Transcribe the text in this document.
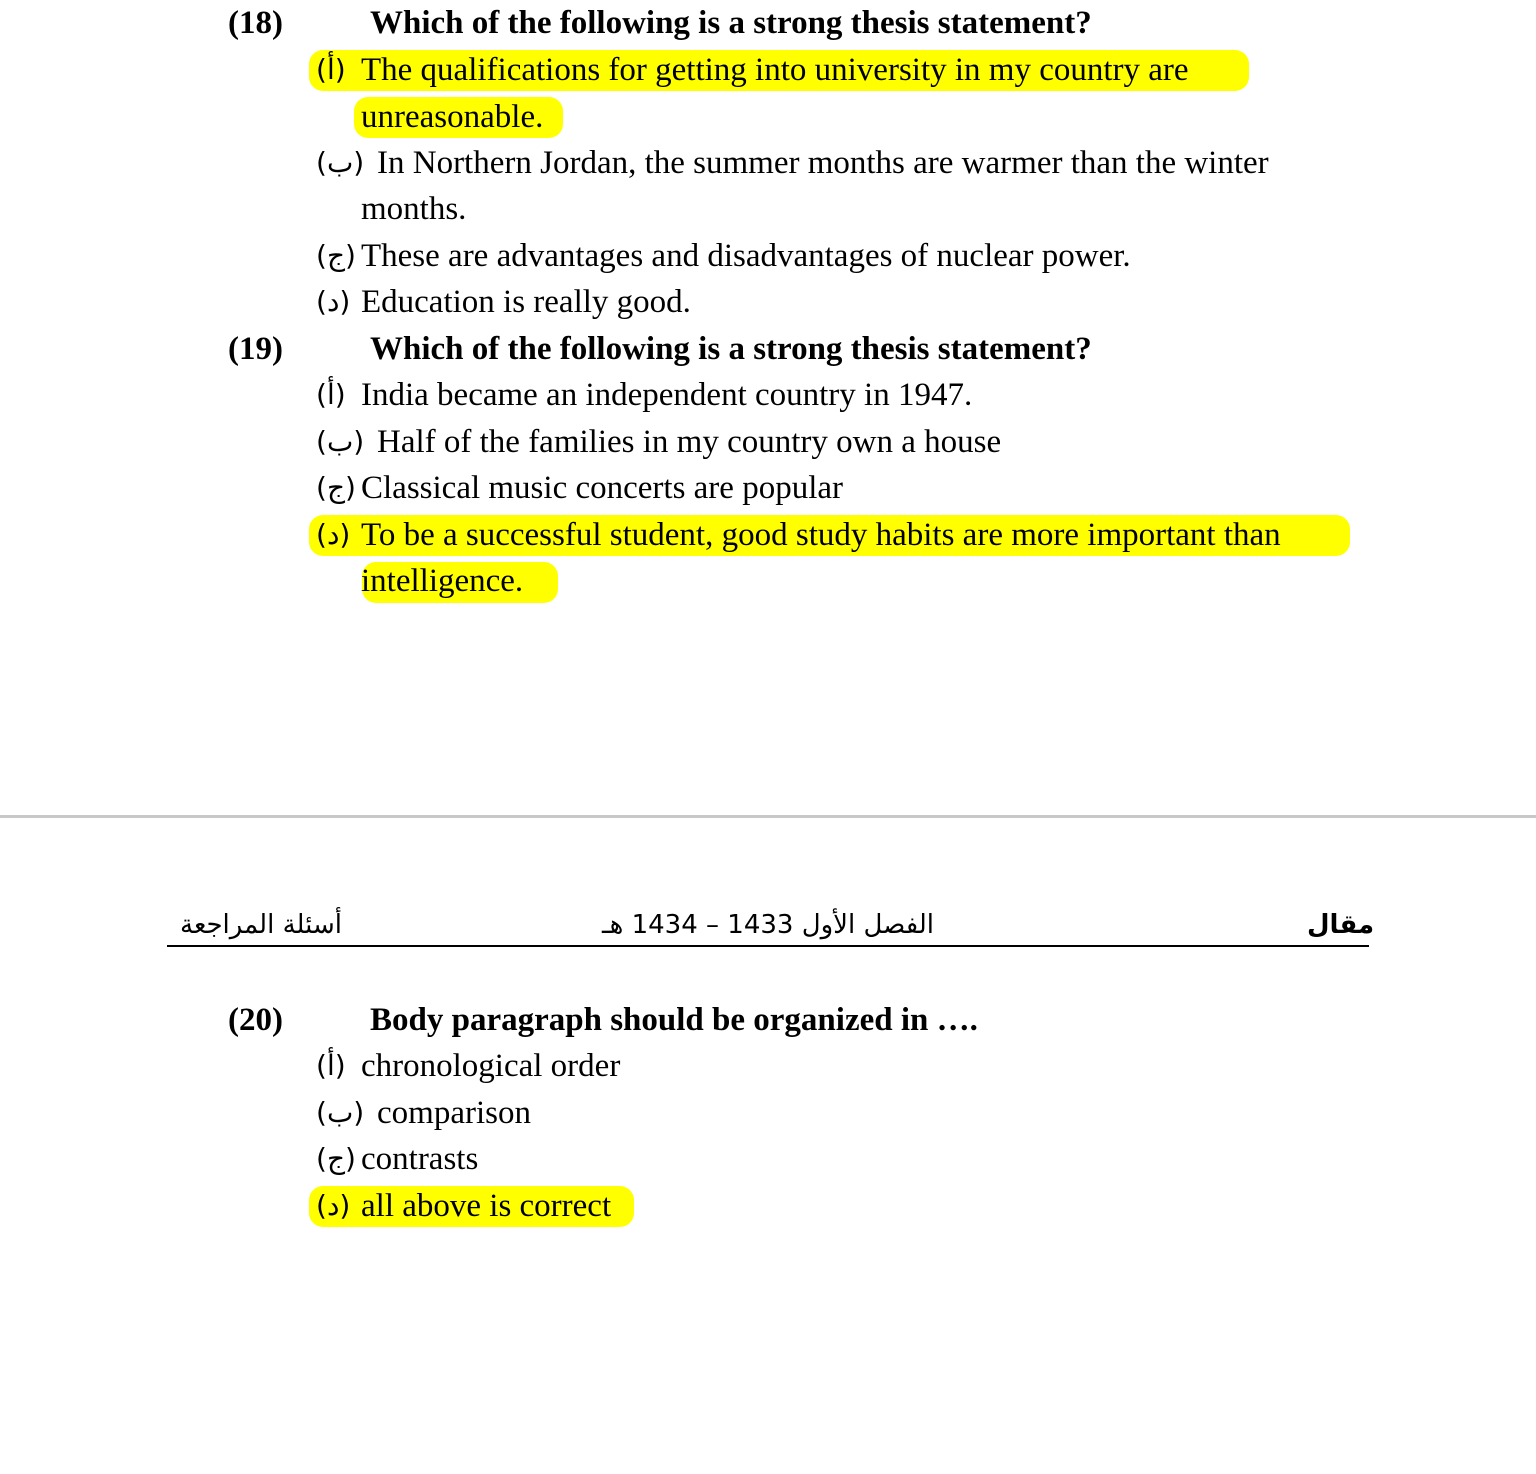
(18)	Which of the following is a strong thesis statement?
(أ) The qualifications for getting into university in my country are
unreasonable.
(ب) In Northern Jordan, the summer months are warmer than the winter
months.
(ج) These are advantages and disadvantages of nuclear power.
(د) Education is really good.
(19)	Which of the following is a strong thesis statement?
(أ) India became an independent country in 1947.
(ب) Half of the families in my country own a house
(ج) Classical music concerts are popular
(د) To be a successful student, good study habits are more important than
intelligence.
أسئلة المراجعة	الفصل الأول 1433 – 1434 هـ	مقال
(20)	Body paragraph should be organized in ….
(أ) chronological order
(ب) comparison
(ج) contrasts
(د) all above is correct
